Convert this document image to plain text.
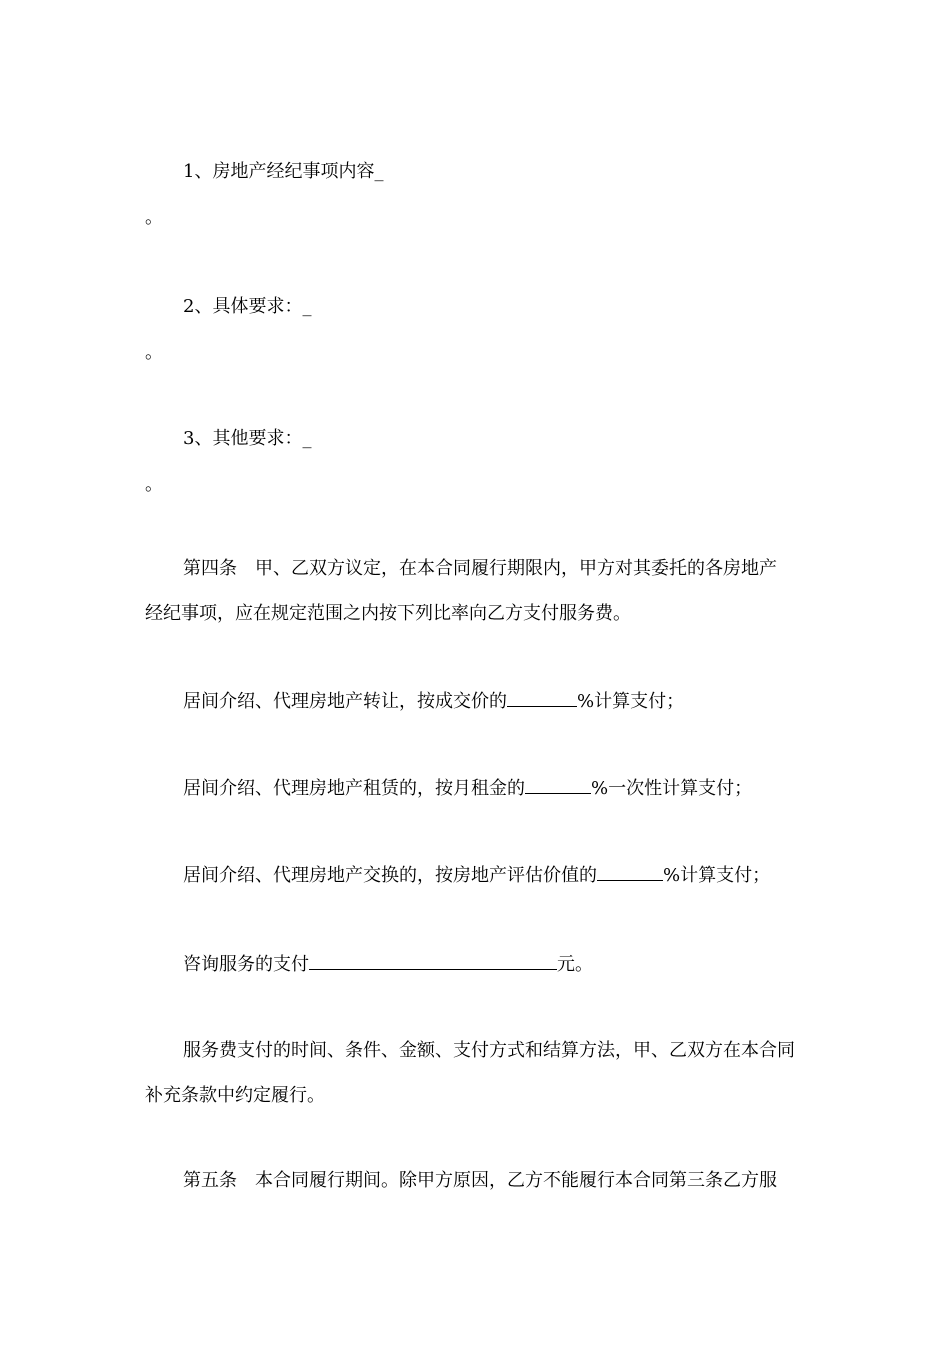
1、房地产经纪事项内容_
。
2、具体要求：_
。
3、其他要求：_
。
第四条　甲、乙双方议定，在本合同履行期限内，甲方对其委托的各房地产
经纪事项，应在规定范围之内按下列比率向乙方支付服务费。
居间介绍、代理房地产转让，按成交价的	%计算支付；
居间介绍、代理房地产租赁的，按月租金的	%一次性计算支付；
居间介绍、代理房地产交换的，按房地产评估价值的	%计算支付；
咨询服务的支付	元。
服务费支付的时间、条件、金额、支付方式和结算方法，甲、乙双方在本合同
补充条款中约定履行。
第五条　本合同履行期间。除甲方原因，乙方不能履行本合同第三条乙方服
